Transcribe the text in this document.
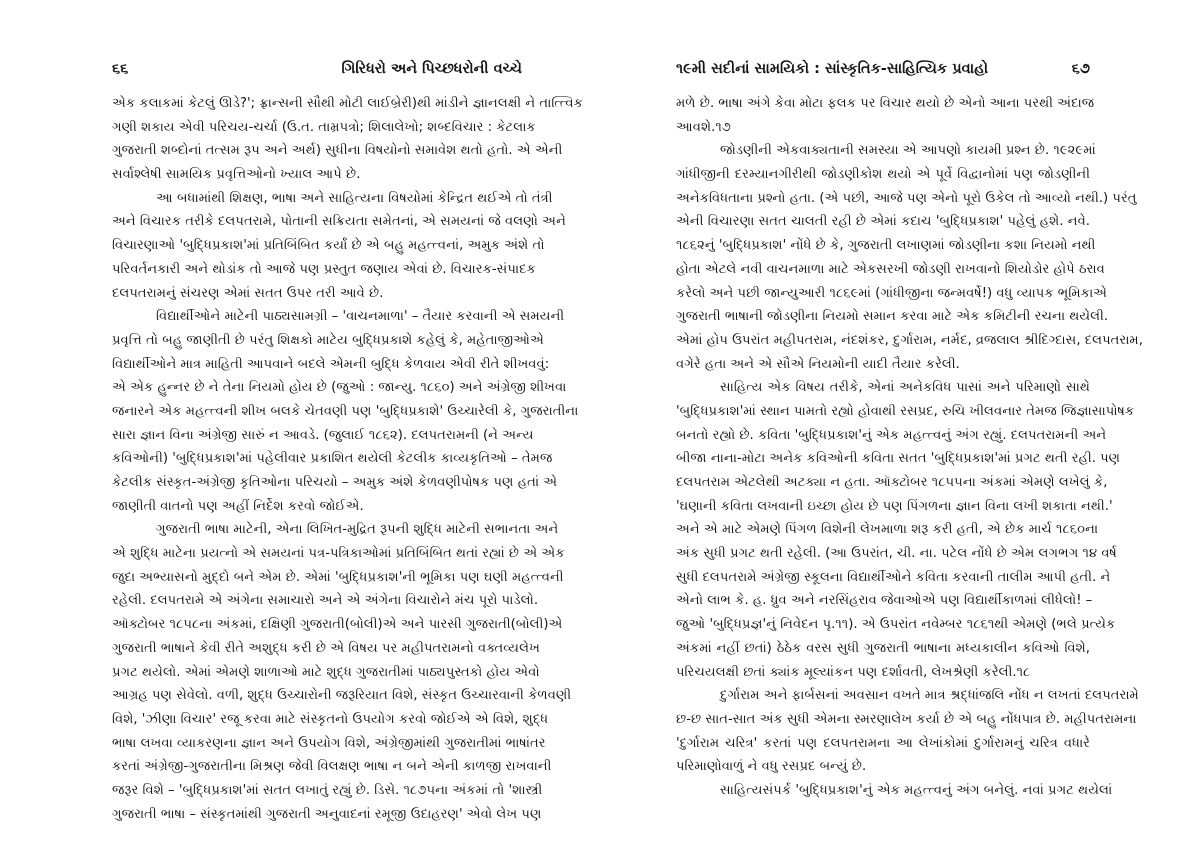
૬૬	ગિરિધરો અને પિચ્છધરોની વચ્ચે
એક કલાકમાં કેટલું ઊડે?'; ફ્રાન્સની સૌથી મોટી લાઈબ્રેરી)થી માંડીને જ્ઞાનલક્ષી ને તાત્ત્વિક
ગણી શકાય એવી પરિચય-ચર્ચા (ઉ.ત. તામ્રપત્રો; શિલાલેખો; શબ્દવિચાર : કેટલાક
ગુજરાતી શબ્દોનાં તત્સમ રૂપ અને અર્થ) સુધીના વિષયોનો સમાવેશ થતો હતો. એ એની
સર્વાશ્લેષી સામયિક પ્રવૃત્તિઓનો ખ્યાલ આપે છે.
આ બધામાંથી શિક્ષણ, ભાષા અને સાહિત્યના વિષયોમાં કેન્દ્રિત થઈએ તો તંત્રી
અને વિચારક તરીકે દલપતરામે, પોતાની સક્રિયતા સમેતનાં, એ સમયનાં જે વલણો અને
વિચારણાઓ 'બુદ્ધિપ્રકાશ'માં પ્રતિબિંબિત કર્યાં છે એ બહુ મહત્ત્વનાં, અમુક અંશે તો
પરિવર્તનકારી અને થોડાંક તો આજે પણ પ્રસ્તુત જણાય એવાં છે. વિચારક-સંપાદક
દલપતરામનું સંચરણ એમાં સતત ઉપર તરી આવે છે.
વિદ્યાર્થીઓને માટેની પાઠ્યસામગ્રી – 'વાચનમાળા' – તૈયાર કરવાની એ સમયની
પ્રવૃત્તિ તો બહુ જાણીતી છે પરંતુ શિક્ષકો માટેય બુદ્ધિપ્રકાશે કહેલું કે, મહેતાજીઓએ
વિદ્યાર્થીઓને માત્ર માહિતી આપવાને બદલે એમની બુદ્ધિ કેળવાય એવી રીતે શીખવવું:
એ એક હુન્નર છે ને તેના નિયમો હોય છે (જુઓ : જાન્યુ. ૧૮૬૦) અને અંગ્રેજી શીખવા
જનારને એક મહત્ત્વની શીખ બલકે ચેતવણી પણ 'બુદ્ધિપ્રકાશે' ઉચ્ચારેલી કે, ગુજરાતીના
સારા જ્ઞાન વિના અંગ્રેજી સારું ન આવડે. (જુલાઈ ૧૮૬૨). દલપતરામની (ને અન્ય
કવિઓની) 'બુદ્ધિપ્રકાશ'માં પહેલીવાર પ્રકાશિત થયેલી કેટલીક કાવ્યકૃતિઓ – તેમજ
કેટલીક સંસ્કૃત-અંગ્રેજી કૃતિઓના પરિચયો – અમુક અંશે કેળવણીપોષક પણ હતાં એ
જાણીતી વાતનો પણ અહીં નિર્દેશ કરવો જોઈએ.
ગુજરાતી ભાષા માટેની, એના લિખિત-મુદ્રિત રૂપની શુદ્ધિ માટેની સભાનતા અને
એ શુદ્ધિ માટેના પ્રયત્નો એ સમયનાં પત્ર-પત્રિકાઓમાં પ્રતિબિંબિત થતાં રહ્યાં છે એ એક
જુદા અભ્યાસનો મુદ્દો બને એમ છે. એમાં 'બુદ્ધિપ્રકાશ'ની ભૂમિકા પણ ઘણી મહત્ત્વની
રહેલી. દલપતરામે એ અંગેના સમાચારો અને એ અંગેના વિચારોને મંચ પૂરો પાડેલો.
ઑક્ટોબર ૧૮૫૮ના અંકમાં, દક્ષિણી ગુજરાતી(બોલી)એ અને પારસી ગુજરાતી(બોલી)એ
ગુજરાતી ભાષાને કેવી રીતે અશુદ્ધ કરી છે એ વિષય પર મહીપતરામનો વક્તવ્યલેખ
પ્રગટ થયેલો. એમાં એમણે શાળાઓ માટે શુદ્ધ ગુજરાતીમાં પાઠ્યપુસ્તકો હોય એવો
આગ્રહ પણ સેવેલો. વળી, શુદ્ધ ઉચ્ચારોની જરૂરિયાત વિશે, સંસ્કૃત ઉચ્ચારવાની કેળવણી
વિશે, 'ઝીણા વિચાર' રજૂ કરવા માટે સંસ્કૃતનો ઉપયોગ કરવો જોઈએ એ વિશે, શુદ્ધ
ભાષા લખવા વ્યાકરણના જ્ઞાન અને ઉપયોગ વિશે, અંગ્રેજીમાંથી ગુજરાતીમાં ભાષાંતર
કરતાં અંગ્રેજી-ગુજરાતીના મિશ્રણ જેવી વિલક્ષણ ભાષા ન બને એની કાળજી રાખવાની
જરૂર વિશે – 'બુદ્ધિપ્રકાશ'માં સતત લખાતું રહ્યું છે. ડિસે. ૧૮૭૫ના અંકમાં તો 'શાસ્ત્રી
ગુજરાતી ભાષા – સંસ્કૃતમાંથી ગુજરાતી અનુવાદનાં રમૂજી ઉદાહરણ' એવો લેખ પણ
૧૯મી સદીનાં સામયિકો : સાંસ્કૃતિક-સાહિત્યિક પ્રવાહો	૬૭
મળે છે. ભાષા અંગે કેવા મોટા ફલક પર વિચાર થયો છે એનો આના પરથી અંદાજ
આવશે.૧૭
જોડણીની એકવાક્યતાની સમસ્યા એ આપણો કાયમી પ્રશ્ન છે. ૧૯૨૯માં
ગાંધીજીની દરમ્યાનગીરીથી જોડણીકોશ થયો એ પૂર્વે વિદ્વાનોમાં પણ જોડણીની
અનેકવિધતાના પ્રશ્નો હતા. (એ પછી, આજે પણ એનો પૂરો ઉકેલ તો આવ્યો નથી.) પરંતુ
એની વિચારણા સતત ચાલતી રહી છે એમાં કદાચ 'બુદ્ધિપ્રકાશ' પહેલું હશે. નવે.
૧૮૬૨નું 'બુદ્ધિપ્રકાશ' નોંધે છે કે, ગુજરાતી લખાણમાં જોડણીના કશા નિયમો નથી
હોતા એટલે નવી વાચનમાળા માટે એકસરખી જોડણી રાખવાનો શિયોડોર હોપે ઠરાવ
કરેલો અને પછી જાન્યુઆરી ૧૮૬૯માં (ગાંધીજીના જન્મવર્ષે!) વધુ વ્યાપક ભૂમિકાએ
ગુજરાતી ભાષાની જોડણીના નિયમો સમાન કરવા માટે એક કમિટીની રચના થયેલી.
એમાં હોપ ઉપરાંત મહીપતરામ, નંદશંકર, દુર્ગારામ, નર્મદ, વ્રજલાલ શ્રીદિગ્દાસ, દલપતરામ,
વગેરે હતા અને એ સૌએ નિયમોની યાદી તૈયાર કરેલી.
સાહિત્ય એક વિષય તરીકે, એનાં અનેકવિધ પાસાં અને પરિમાણો સાથે
'બુદ્ધિપ્રકાશ'માં સ્થાન પામતો રહ્યો હોવાથી રસપ્રદ, રુચિ ખીલવનાર તેમજ જિજ્ઞાસાપોષક
બનતો રહ્યો છે. કવિતા 'બુદ્ધિપ્રકાશ'નું એક મહત્ત્વનું અંગ રહ્યું. દલપતરામની અને
બીજા નાના-મોટા અનેક કવિઓની કવિતા સતત 'બુદ્ધિપ્રકાશ'માં પ્રગટ થતી રહી. પણ
દલપતરામ એટલેથી અટક્યા ન હતા. ઑક્ટોબર ૧૮૫૫ના અંકમાં એમણે લખેલું કે,
'ઘણાની કવિતા લખવાની ઇચ્છા હોય છે પણ પિંગળના જ્ઞાન વિના લખી શકાતા નથી.'
અને એ માટે એમણે પિંગળ વિશેની લેખમાળા શરૂ કરી હતી, એ છેક માર્ચ ૧૮૬૦ના
અંક સુધી પ્રગટ થતી રહેલી. (આ ઉપરાંત, ચી. ના. પટેલ નોંધે છે એમ લગભગ ૧૪ વર્ષ
સુધી દલપતરામે અંગ્રેજી સ્કૂલના વિદ્યાર્થીઓને કવિતા કરવાની તાલીમ આપી હતી. ને
એનો લાભ કે. હ. ધ્રુવ અને નરસિંહરાવ જેવાઓએ પણ વિદ્યાર્થીકાળમાં લીધેલો! –
જુઓ 'બુદ્ધિપ્રજ્ઞ'નું નિવેદન પૃ.૧૧). એ ઉપરાંત નવેમ્બર ૧૮૬૧થી એમણે (ભલે પ્રત્યેક
અંકમાં નહીં છતાં) ઠેઠેક વરસ સુધી ગુજરાતી ભાષાના મધ્યકાલીન કવિઓ વિશે,
પરિચયલક્ષી છતાં ક્યાંક મૂલ્યાંકન પણ દર્શાવતી, લેખશ્રેણી કરેલી.૧૮
દુર્ગારામ અને ફાર્બસનાં અવસાન વખતે માત્ર શ્રદ્ધાંજલિ નોંધ ન લખતાં દલપતરામે
છ-છ સાત-સાત અંક સુધી એમના સ્મરણાલેખ કર્યા છે એ બહુ નોંધપાત્ર છે. મહીપતરામના
'દુર્ગારામ ચરિત્ર' કરતાં પણ દલપતરામના આ લેખાંકોમાં દુર્ગારામનું ચરિત્ર વધારે
પરિમાણોવાળું ને વધુ રસપ્રદ બન્યું છે.
સાહિત્યસંપર્ક 'બુદ્ધિપ્રકાશ'નું એક મહત્ત્વનું અંગ બનેલું. નવાં પ્રગટ થયેલાં
